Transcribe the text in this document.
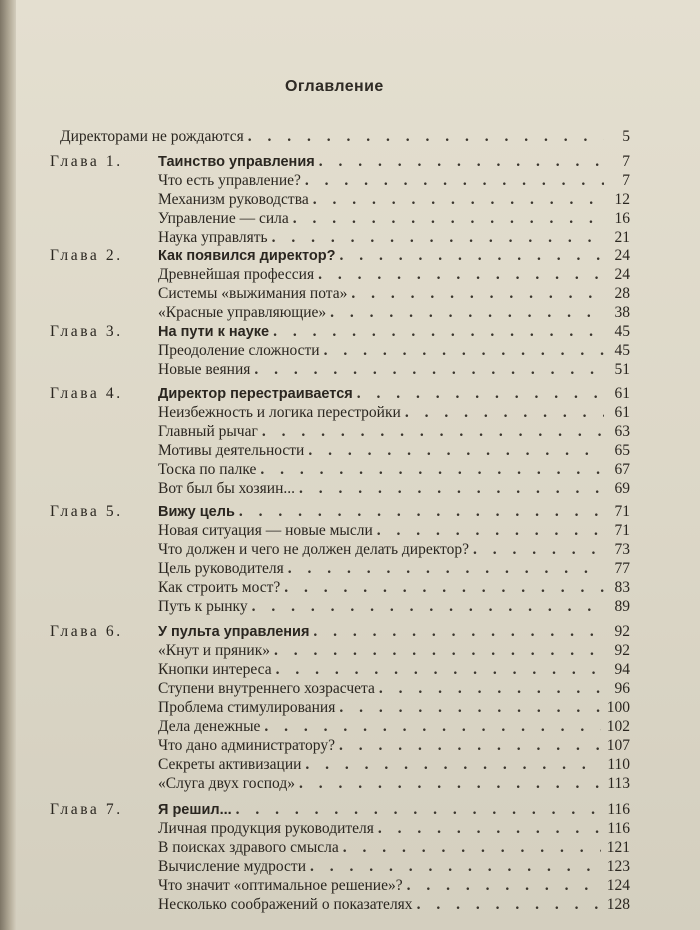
Оглавление
Директорами не рождаются . . .	5
Глава 1. Таинство управления . . .	7
Что есть управление? . . .	7
Механизм руководства . . .	12
Управление — сила . . .	16
Наука управлять . . .	21
Глава 2. Как появился директор? . . .	24
Древнейшая профессия . . .	24
Системы «выжимания пота» . . .	28
«Красные управляющие» . . .	38
Глава 3. На пути к науке . . .	45
Преодоление сложности . . .	45
Новые веяния . . .	51
Глава 4. Директор перестраивается . . .	61
Неизбежность и логика перестройки . . .	61
Главный рычаг . . .	63
Мотивы деятельности . . .	65
Тоска по палке . . .	67
Вот был бы хозяин... . . .	69
Глава 5. Вижу цель . . .	71
Новая ситуация — новые мысли . . .	71
Что должен и чего не должен делать директор? . . .	73
Цель руководителя . . .	77
Как строить мост? . . .	83
Путь к рынку . . .	89
Глава 6. У пульта управления . . .	92
«Кнут и пряник» . . .	92
Кнопки интереса . . .	94
Ступени внутреннего хозрасчета . . .	96
Проблема стимулирования . . .	100
Дела денежные . . .	102
Что дано администратору? . . .	107
Секреты активизации . . .	110
«Слуга двух господ» . . .	113
Глава 7. Я решил... . . .	116
Личная продукция руководителя . . .	116
В поисках здравого смысла . . .	121
Вычисление мудрости . . .	123
Что значит «оптимальное решение»? . . .	124
Несколько соображений о показателях . . .	128
